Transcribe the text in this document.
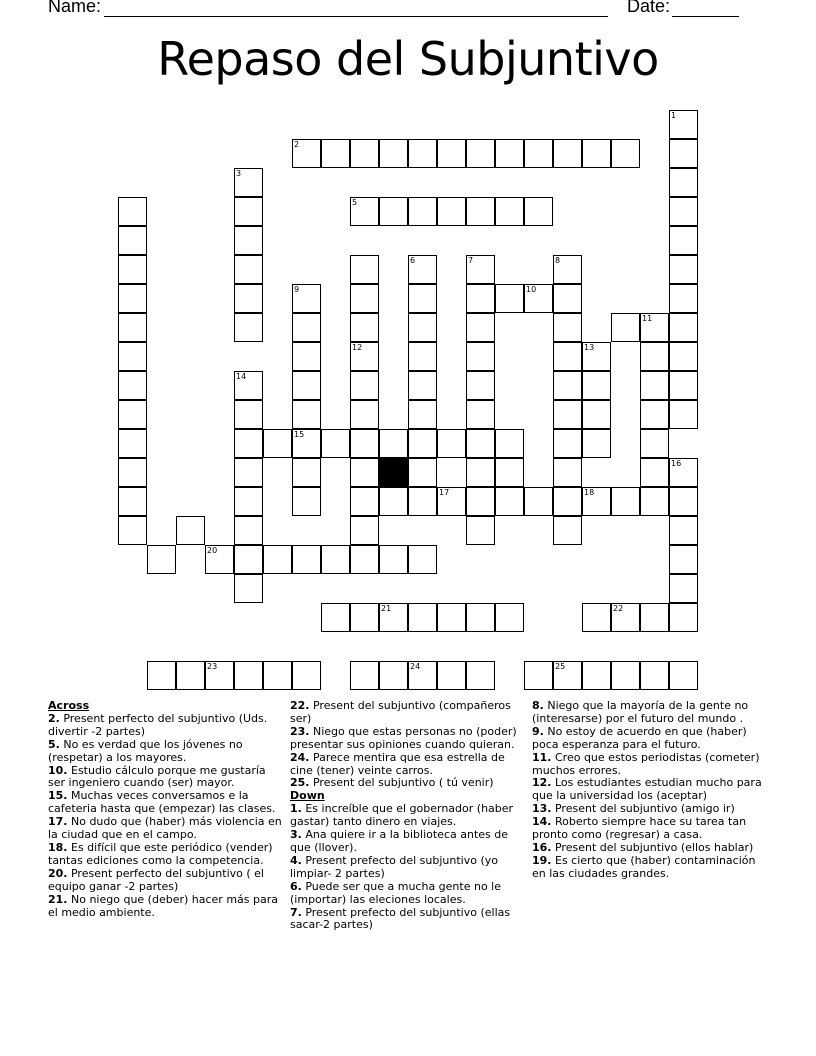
Name:	Date:
Repaso del Subjuntivo
1
2
3
5
6	7
9	10
12
15
16
17	18
20
21	22
23	24	25
13
11
14
8
Across
2. Present perfecto del subjuntivo (Uds. divertir -2 partes)
5. No es verdad que los jóvenes no (respetar) a los mayores.
10. Estudio cálculo porque me gustaría ser ingeniero cuando (ser) mayor.
15. Muchas veces conversamos e la cafeteria hasta que (empezar) las clases.
17. No dudo que (haber) más violencia en la ciudad que en el campo.
18. Es difícil que este periódico (vender) tantas ediciones como la competencia.
20. Present perfecto del subjuntivo ( el equipo ganar -2 partes)
21. No niego que (deber) hacer más para el medio ambiente.
22. Present del subjuntivo (compañeros ser)
23. Niego que estas personas no (poder) presentar sus opiniones cuando quieran.
24. Parece mentira que esa estrella de cine (tener) veinte carros.
25. Present del subjuntivo ( tú venir)
Down
1. Es increíble que el gobernador (haber gastar) tanto dinero en viajes.
3. Ana quiere ir a la biblioteca antes de que (llover).
4. Present prefecto del subjuntivo (yo limpiar- 2 partes)
6. Puede ser que a mucha gente no le (importar) las eleciones locales.
7. Present prefecto del subjuntivo (ellas sacar-2 partes)
8. Niego que la mayoría de la gente no (interesarse) por el futuro del mundo .
9. No estoy de acuerdo en que (haber) poca esperanza para el futuro.
11. Creo que estos periodistas (cometer) muchos errores.
12. Los estudiantes estudian mucho para que la universidad los (aceptar)
13. Present del subjuntivo (amigo ir)
14. Roberto siempre hace su tarea tan pronto como (regresar) a casa.
16. Present del subjuntivo (ellos hablar)
19. Es cierto que (haber) contaminación en las ciudades grandes.
